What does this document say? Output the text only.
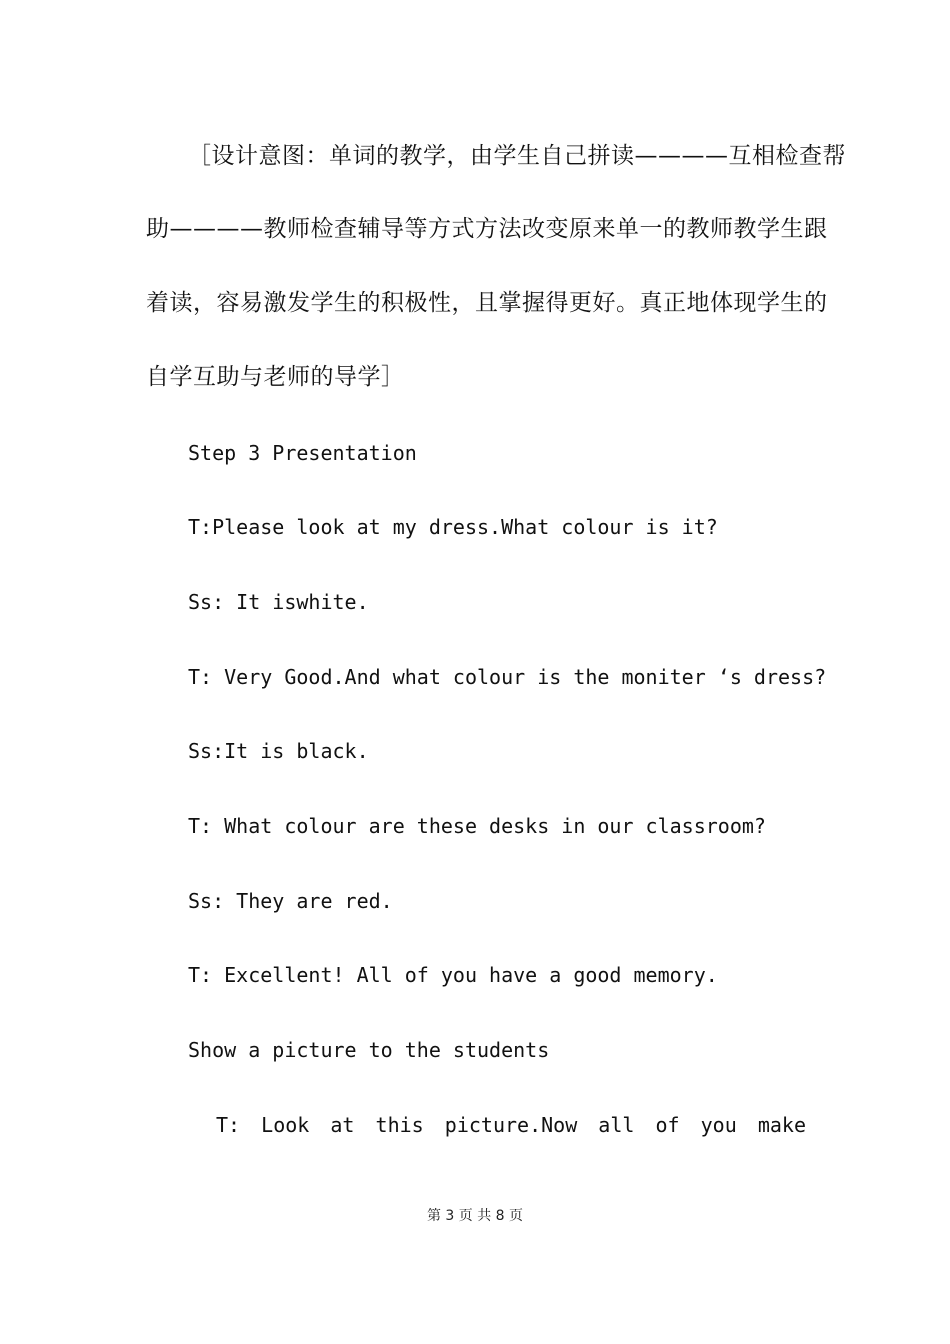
［设计意图：单词的教学，由学生自己拼读————互相检查帮
助————教师检查辅导等方式方法改变原来单一的教师教学生跟
着读，容易激发学生的积极性，且掌握得更好。真正地体现学生的
自学互助与老师的导学］
Step 3 Presentation
T:Please look at my dress.What colour is it?
Ss: It iswhite.
T: Very Good.And what colour is the moniter ‘s dress?
Ss:It is black.
T: What colour are these desks in our classroom?
Ss: They are red.
T: Excellent! All of you have a good memory.
Show a picture to the students
T: Look at this picture.Now all of you make
第 3 页 共 8 页
